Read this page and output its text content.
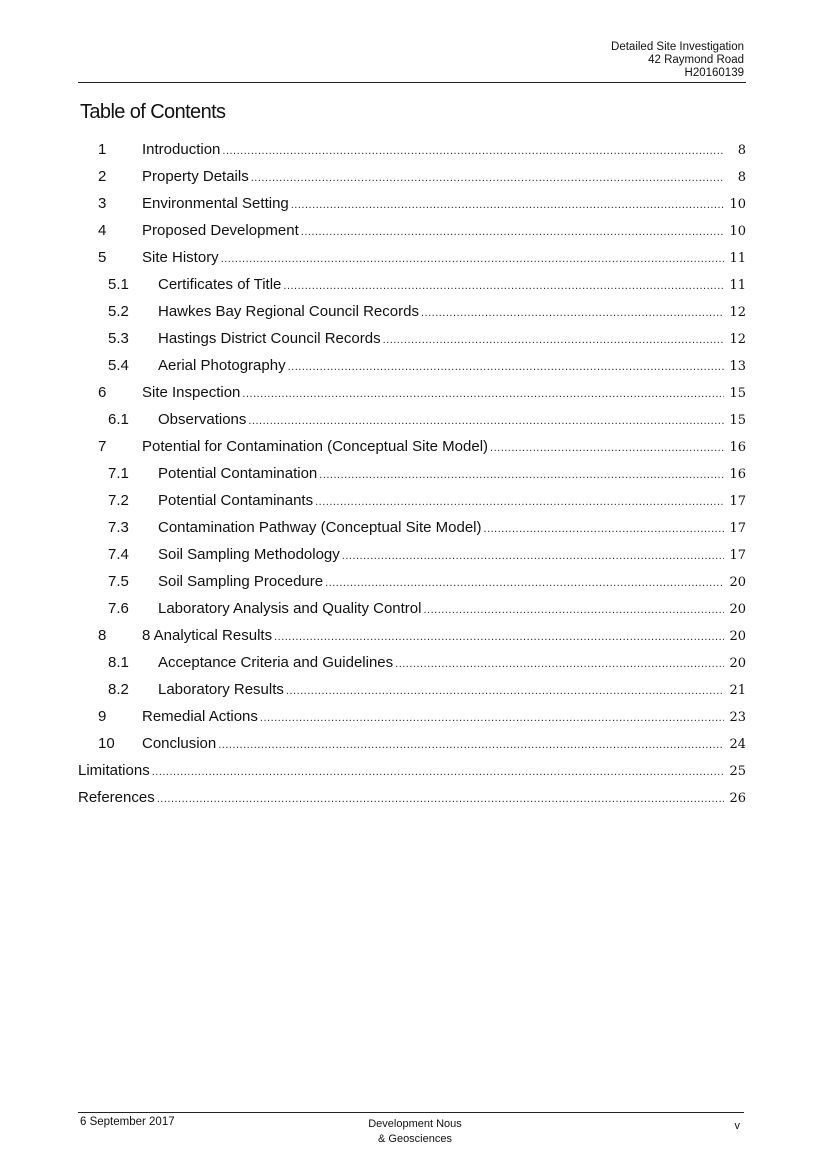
Detailed Site Investigation
42 Raymond Road
H20160139
Table of Contents
1	Introduction .....	8
2	Property Details .....	8
3	Environmental Setting .....	10
4	Proposed Development .....	10
5	Site History .....	11
5.1	Certificates of Title .....	11
5.2	Hawkes Bay Regional Council Records .....	12
5.3	Hastings District Council Records .....	12
5.4	Aerial Photography .....	13
6	Site Inspection .....	15
6.1	Observations .....	15
7	Potential for Contamination (Conceptual Site Model) .....	16
7.1	Potential Contamination .....	16
7.2	Potential Contaminants .....	17
7.3	Contamination Pathway (Conceptual Site Model) .....	17
7.4	Soil Sampling Methodology .....	17
7.5	Soil Sampling Procedure .....	20
7.6	Laboratory Analysis and Quality Control .....	20
8	8 Analytical Results .....	20
8.1	Acceptance Criteria and Guidelines .....	20
8.2	Laboratory Results .....	21
9	Remedial Actions .....	23
10	Conclusion .....	24
Limitations .....	25
References .....	26
6 September 2017	Development Nous
& Geosciences
v
